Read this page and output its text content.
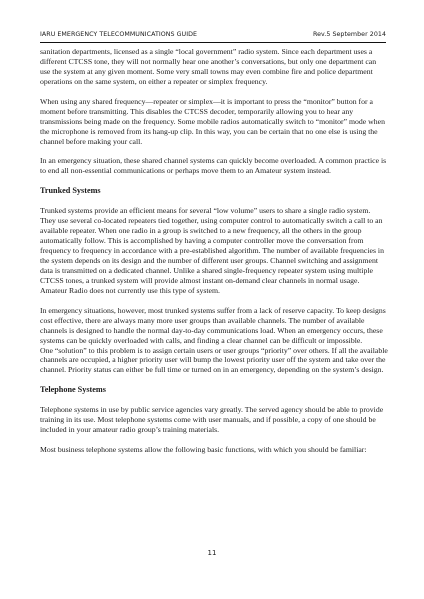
IARU EMERGENCY TELECOMMUNICATIONS GUIDE	Rev.5 September 2014

sanitation departments, licensed as a single “local government” radio system. Since each department uses a different CTCSS tone, they will not normally hear one another’s conversations, but only one department can use the system at any given moment. Some very small towns may even combine fire and police department operations on the same system, on either a repeater or simplex frequency.

When using any shared frequency—repeater or simplex—it is important to press the “monitor” button for a moment before transmitting. This disables the CTCSS decoder, temporarily allowing you to hear any transmissions being made on the frequency. Some mobile radios automatically switch to “monitor” mode when the microphone is removed from its hang-up clip. In this way, you can be certain that no one else is using the channel before making your call.

In an emergency situation, these shared channel systems can quickly become overloaded. A common practice is to end all non-essential communications or perhaps move them to an Amateur system instead.

Trunked Systems

Trunked systems provide an efficient means for several “low volume” users to share a single radio system. They use several co-located repeaters tied together, using computer control to automatically switch a call to an available repeater. When one radio in a group is switched to a new frequency, all the others in the group automatically follow. This is accomplished by having a computer controller move the conversation from frequency to frequency in accordance with a pre-established algorithm. The number of available frequencies in the system depends on its design and the number of different user groups. Channel switching and assignment data is transmitted on a dedicated channel. Unlike a shared single-frequency repeater system using multiple CTCSS tones, a trunked system will provide almost instant on-demand clear channels in normal usage. Amateur Radio does not currently use this type of system.

In emergency situations, however, most trunked systems suffer from a lack of reserve capacity. To keep designs cost effective, there are always many more user groups than available channels. The number of available channels is designed to handle the normal day-to-day communications load. When an emergency occurs, these systems can be quickly overloaded with calls, and finding a clear channel can be difficult or impossible.

One “solution” to this problem is to assign certain users or user groups “priority” over others. If all the available channels are occupied, a higher priority user will bump the lowest priority user off the system and take over the channel. Priority status can either be full time or turned on in an emergency, depending on the system’s design.

Telephone Systems

Telephone systems in use by public service agencies vary greatly. The served agency should be able to provide training in its use. Most telephone systems come with user manuals, and if possible, a copy of one should be included in your amateur radio group’s training materials.

Most business telephone systems allow the following basic functions, with which you should be familiar:

11
